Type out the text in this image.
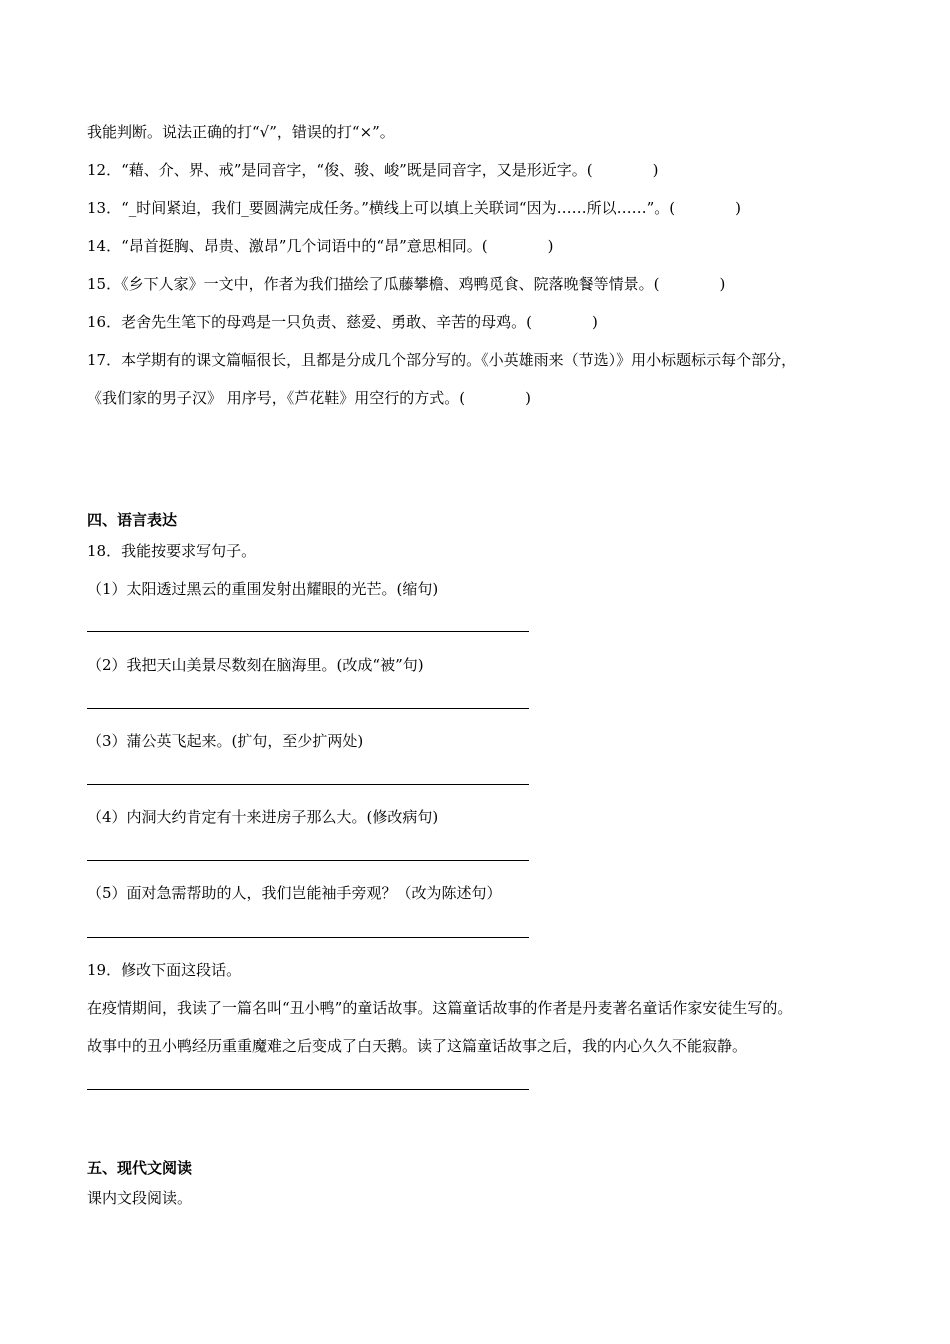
我能判断。说法正确的打“√”，错误的打“×”。
12．“藉、介、界、戒”是同音字，“俊、骏、峻”既是同音字，又是形近字。(　　　　)
13．“_时间紧迫，我们_要圆满完成任务。”横线上可以填上关联词“因为……所以……”。(　　　　)
14．“昂首挺胸、昂贵、激昂”几个词语中的“昂”意思相同。(　　　　)
15．《乡下人家》一文中，作者为我们描绘了瓜藤攀檐、鸡鸭觅食、院落晚餐等情景。(　　　　)
16．老舍先生笔下的母鸡是一只负责、慈爱、勇敢、辛苦的母鸡。(　　　　)
17．本学期有的课文篇幅很长，且都是分成几个部分写的。《小英雄雨来（节选）》用小标题标示每个部分，
《我们家的男子汉》 用序号，《芦花鞋》用空行的方式。(　　　　)
四、语言表达
18．我能按要求写句子。
（1）太阳透过黑云的重围发射出耀眼的光芒。(缩句)
（2）我把天山美景尽数刻在脑海里。(改成“被”句)
（3）蒲公英飞起来。(扩句，至少扩两处)
（4）内洞大约肯定有十来进房子那么大。(修改病句)
（5）面对急需帮助的人，我们岂能袖手旁观？（改为陈述句）
19．修改下面这段话。
在疫情期间，我读了一篇名叫“丑小鸭”的童话故事。这篇童话故事的作者是丹麦著名童话作家安徒生写的。
故事中的丑小鸭经历重重魔难之后变成了白天鹅。读了这篇童话故事之后，我的内心久久不能寂静。
五、现代文阅读
课内文段阅读。
